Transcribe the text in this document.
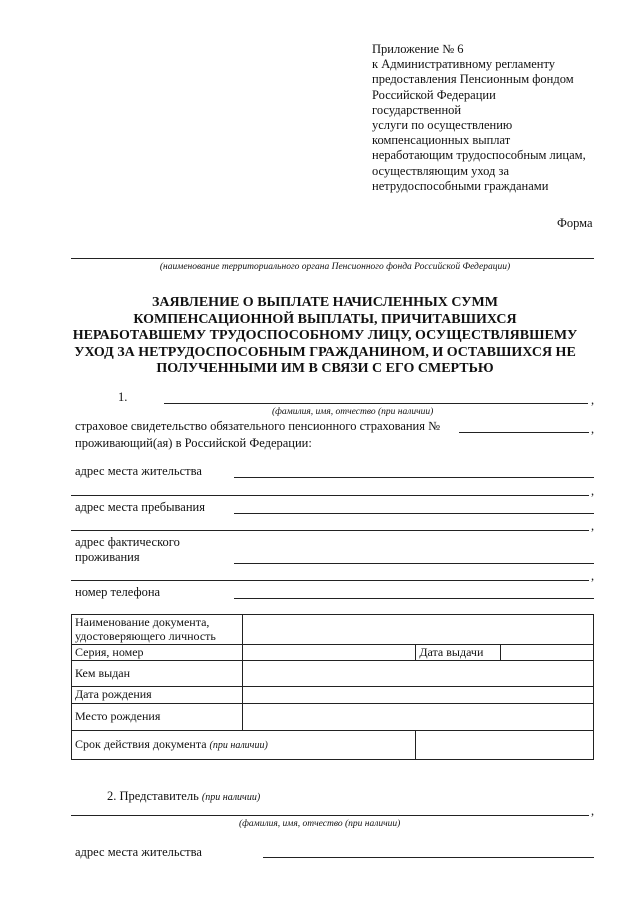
Приложение № 6
к Административному регламенту
предоставления Пенсионным фондом
Российской Федерации
государственной
услуги по осуществлению
компенсационных выплат
неработающим трудоспособным лицам,
осуществляющим уход за
нетрудоспособными гражданами
Форма
(наименование территориального органа Пенсионного фонда Российской Федерации)
ЗАЯВЛЕНИЕ О ВЫПЛАТЕ НАЧИСЛЕННЫХ СУММ
КОМПЕНСАЦИОННОЙ ВЫПЛАТЫ, ПРИЧИТАВШИХСЯ
НЕРАБОТАВШЕМУ ТРУДОСПОСОБНОМУ ЛИЦУ, ОСУЩЕСТВЛЯВШЕМУ
УХОД ЗА НЕТРУДОСПОСОБНЫМ ГРАЖДАНИНОМ, И ОСТАВШИХСЯ НЕ
ПОЛУЧЕННЫМИ ИМ В СВЯЗИ С ЕГО СМЕРТЬЮ
1.	,
(фамилия, имя, отчество (при наличии)
страховое свидетельство обязательного пенсионного страхования №	,
проживающий(ая) в Российской Федерации:
адрес места жительства
,
адрес места пребывания
,
адрес фактического
проживания
,
номер телефона
Наименование документа, удостоверяющего личность			
Серия, номер		Дата выдачи	
Кем выдан			
Дата рождения			
Место рождения			
Срок действия документа (при наличии)			
2. Представитель (при наличии)
,
(фамилия, имя, отчество (при наличии)
адрес места жительства
